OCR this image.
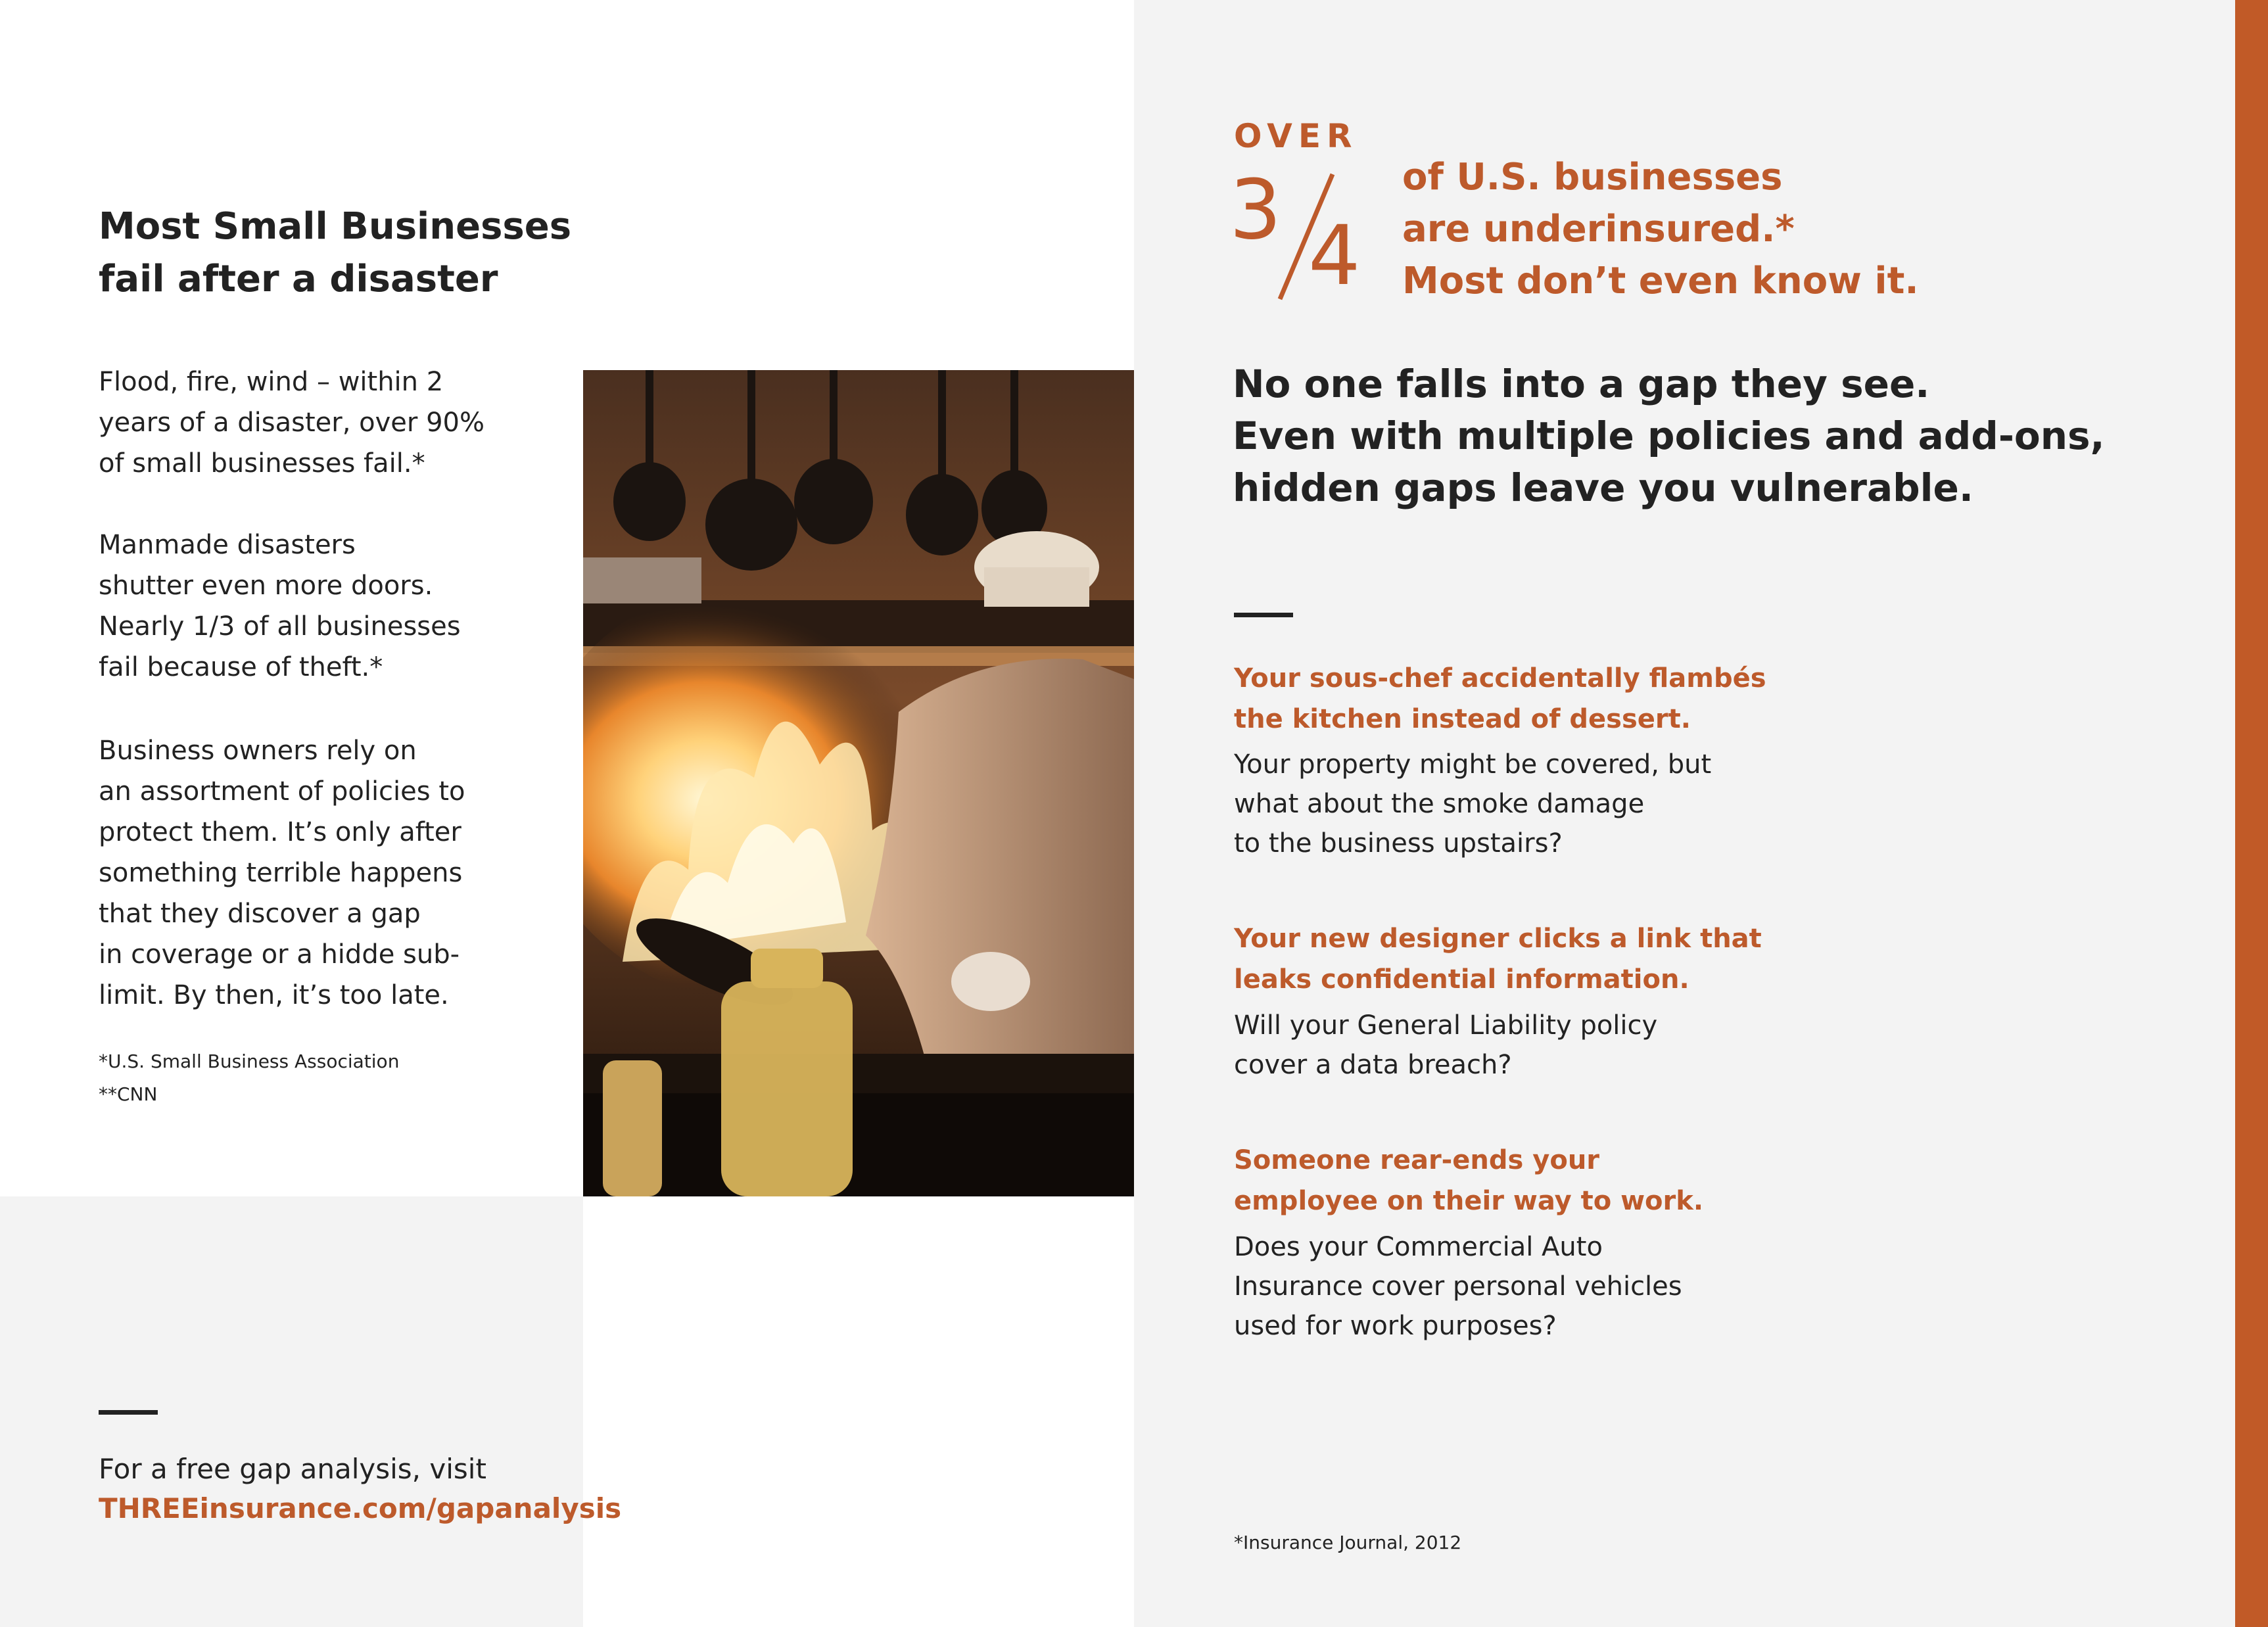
Most Small Businesses
fail after a disaster
Flood, fire, wind – within 2
years of a disaster, over 90%
of small businesses fail.*
Manmade disasters
shutter even more doors.
Nearly 1/3 of all businesses
fail because of theft.*
Business owners rely on
an assortment of policies to
protect them. It’s only after
something terrible happens
that they discover a gap
in coverage or a hidde sub-
limit. By then, it’s too late.
*U.S. Small Business Association
**CNN
For a free gap analysis, visit
THREEinsurance.com/gapanalysis
OVER
3 4
of U.S. businesses
are underinsured.*
Most don’t even know it.
No one falls into a gap they see.
Even with multiple policies and add-ons,
hidden gaps leave you vulnerable.
Your sous-chef accidentally flambés
the kitchen instead of dessert.
Your property might be covered, but
what about the smoke damage
to the business upstairs?
Your new designer clicks a link that
leaks confidential information.
Will your General Liability policy
cover a data breach?
Someone rear-ends your
employee on their way to work.
Does your Commercial Auto
Insurance cover personal vehicles
used for work purposes?
*Insurance Journal, 2012
